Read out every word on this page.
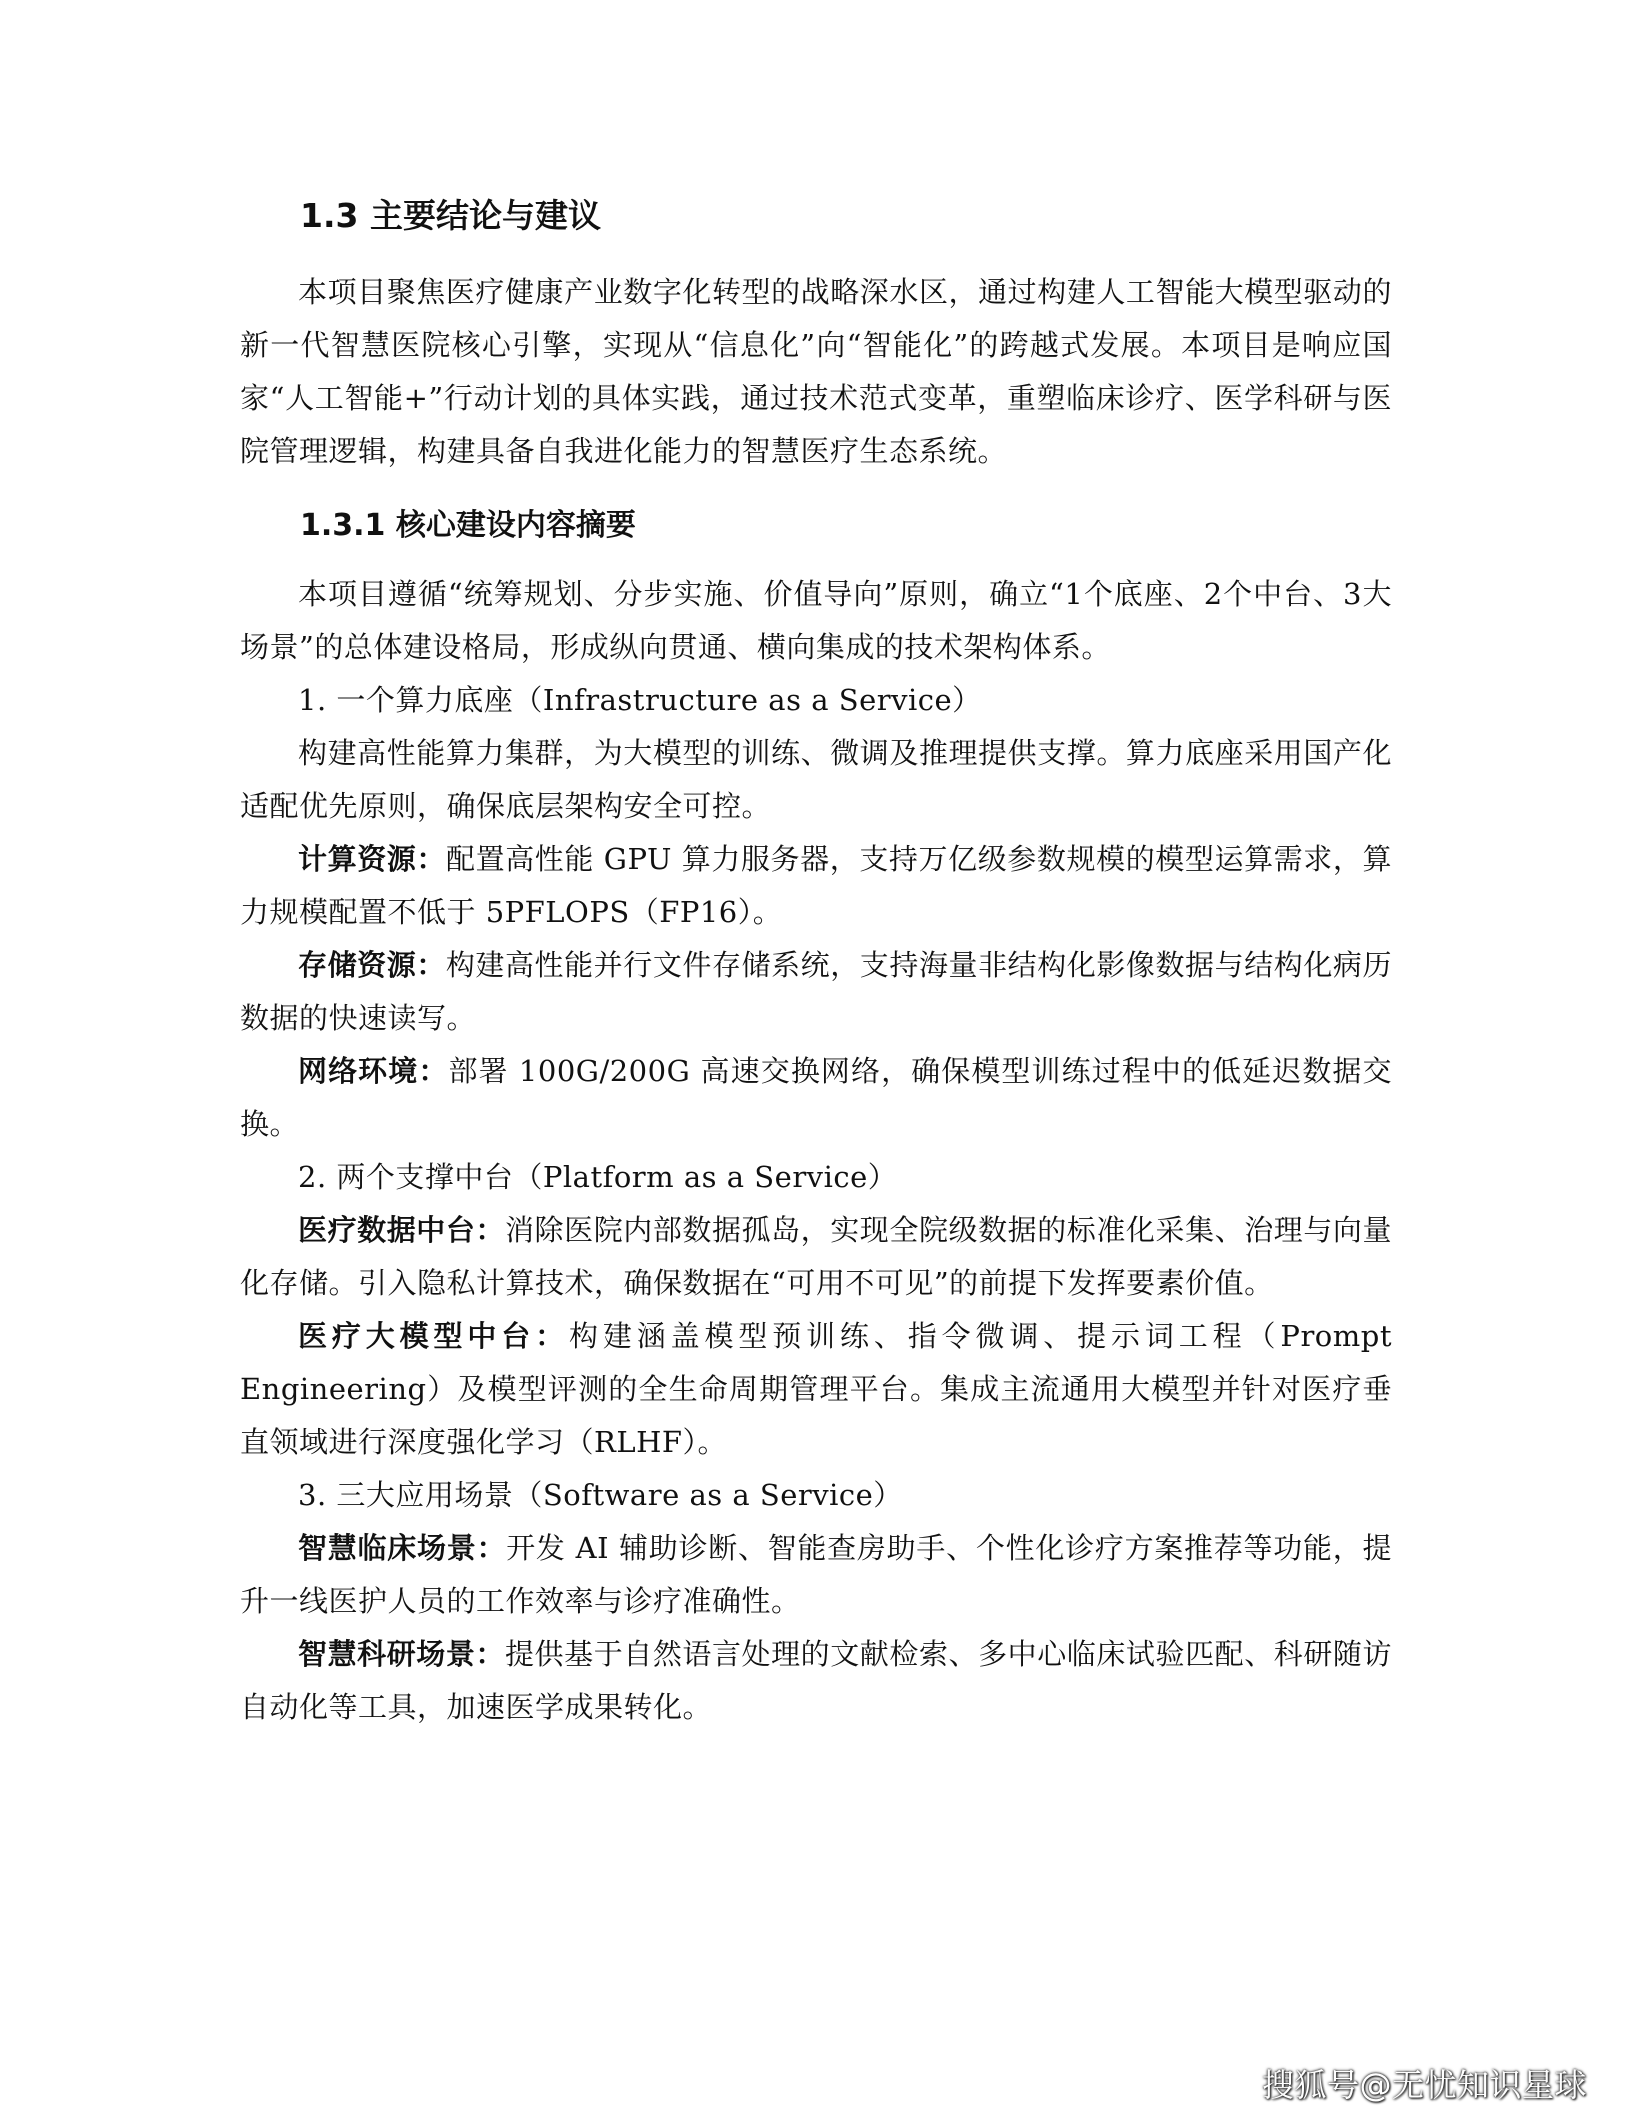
1.3 主要结论与建议

本项目聚焦医疗健康产业数字化转型的战略深水区，通过构建人工智能大模型驱动的新一代智慧医院核心引擎，实现从“信息化”向“智能化”的跨越式发展。本项目是响应国家“人工智能+”行动计划的具体实践，通过技术范式变革，重塑临床诊疗、医学科研与医院管理逻辑，构建具备自我进化能力的智慧医疗生态系统。

1.3.1 核心建设内容摘要

本项目遵循“统筹规划、分步实施、价值导向”原则，确立“1个底座、2个中台、3大场景”的总体建设格局，形成纵向贯通、横向集成的技术架构体系。

1. 一个算力底座（Infrastructure as a Service）

构建高性能算力集群，为大模型的训练、微调及推理提供支撑。算力底座采用国产化适配优先原则，确保底层架构安全可控。

计算资源：配置高性能 GPU 算力服务器，支持万亿级参数规模的模型运算需求，算力规模配置不低于 5PFLOPS（FP16）。

存储资源：构建高性能并行文件存储系统，支持海量非结构化影像数据与结构化病历数据的快速读写。

网络环境：部署 100G/200G 高速交换网络，确保模型训练过程中的低延迟数据交换。

2. 两个支撑中台（Platform as a Service）

医疗数据中台：消除医院内部数据孤岛，实现全院级数据的标准化采集、治理与向量化存储。引入隐私计算技术，确保数据在“可用不可见”的前提下发挥要素价值。

医疗大模型中台：构建涵盖模型预训练、指令微调、提示词工程（Prompt Engineering）及模型评测的全生命周期管理平台。集成主流通用大模型并针对医疗垂直领域进行深度强化学习（RLHF）。

3. 三大应用场景（Software as a Service）

智慧临床场景：开发 AI 辅助诊断、智能查房助手、个性化诊疗方案推荐等功能，提升一线医护人员的工作效率与诊疗准确性。

智慧科研场景：提供基于自然语言处理的文献检索、多中心临床试验匹配、科研随访自动化等工具，加速医学成果转化。

搜狐号@无忧知识星球
